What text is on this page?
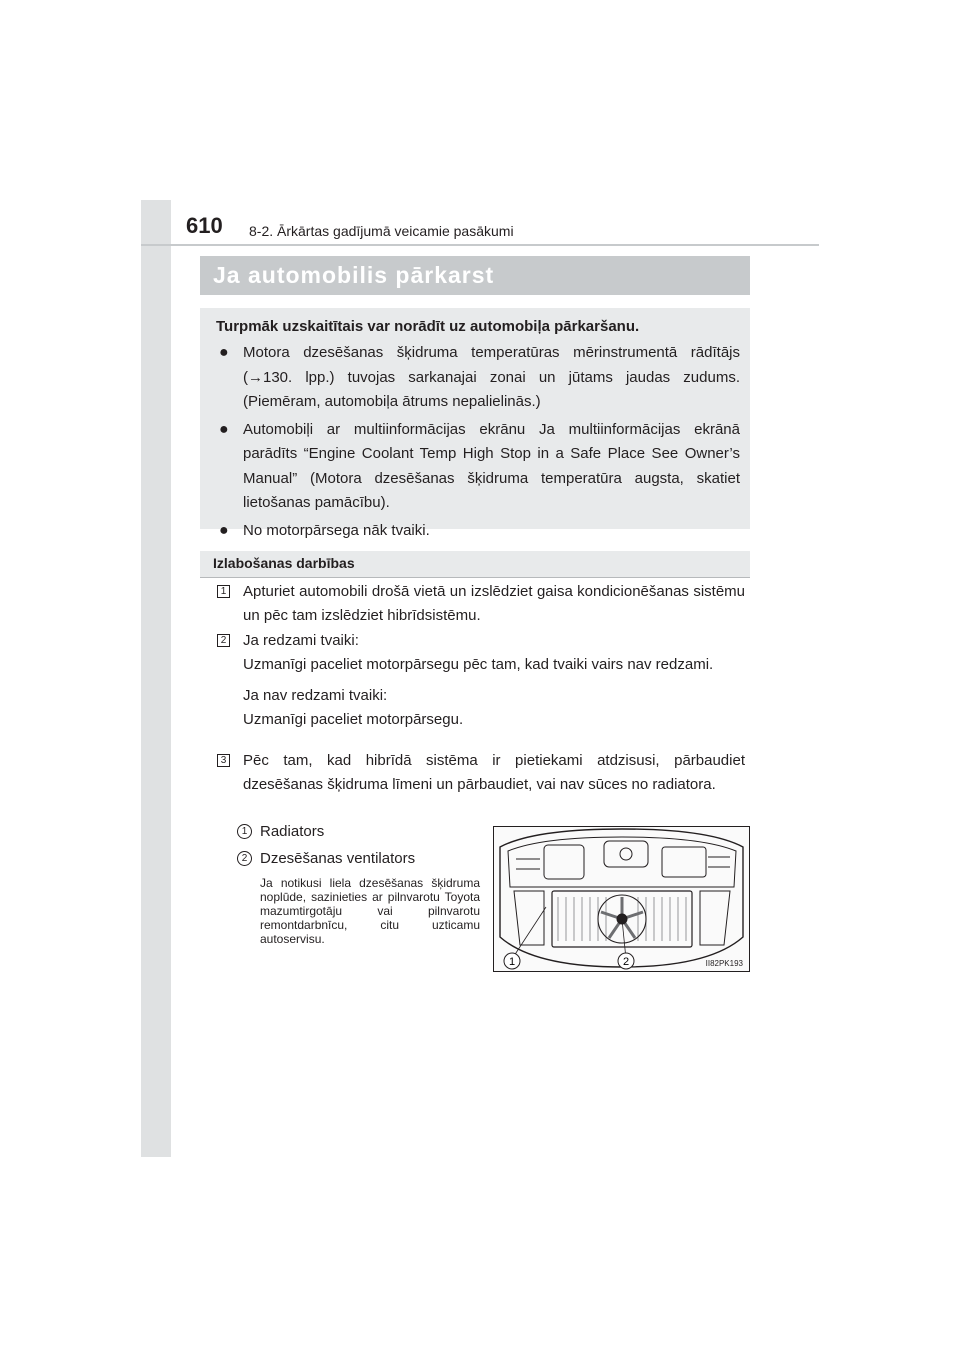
610 8-2. Ārkārtas gadījumā veicamie pasākumi
Ja automobilis pārkarst

Turpmāk uzskaitītais var norādīt uz automobiļa pārkaršanu.

● Motora dzesēšanas šķidruma temperatūras mērinstrumentā rādītājs (→130. lpp.) tuvojas sarkanajai zonai un jūtams jaudas zudums. (Piemēram, automobiļa ātrums nepalielinās.)
● Automobiļi ar multiinformācijas ekrānu Ja multiinformācijas ekrānā parādīts “Engine Coolant Temp High Stop in a Safe Place See Owner’s Manual” (Motora dzesēšanas šķidruma temperatūra augsta, skatiet lietošanas pamācību).
● No motorpārsega nāk tvaiki.
Izlabošanas darbības
1 Apturiet automobili drošā vietā un izslēdziet gaisa kondicionēšanas sistēmu un pēc tam izslēdziet hibrīdsistēmu.

2 Ja redzami tvaiki:

Uzmanīgi paceliet motorpārsegu pēc tam, kad tvaiki vairs nav redzami.

Ja nav redzami tvaiki:

Uzmanīgi paceliet motorpārsegu.

3 Pēc tam, kad hibrīdā sistēma ir pietiekami atdzisusi, pārbaudiet dzesēšanas šķidruma līmeni un pārbaudiet, vai nav sūces no radiatora.

1 Radiators
2 Dzesēšanas ventilators
Ja notikusi liela dzesēšanas šķidruma noplūde, sazinieties ar pilnvarotu Toyota mazumtirgotāju vai pilnvarotu remontdarbnīcu, citu uzticamu autoservisu.
1	2	II82PK193
